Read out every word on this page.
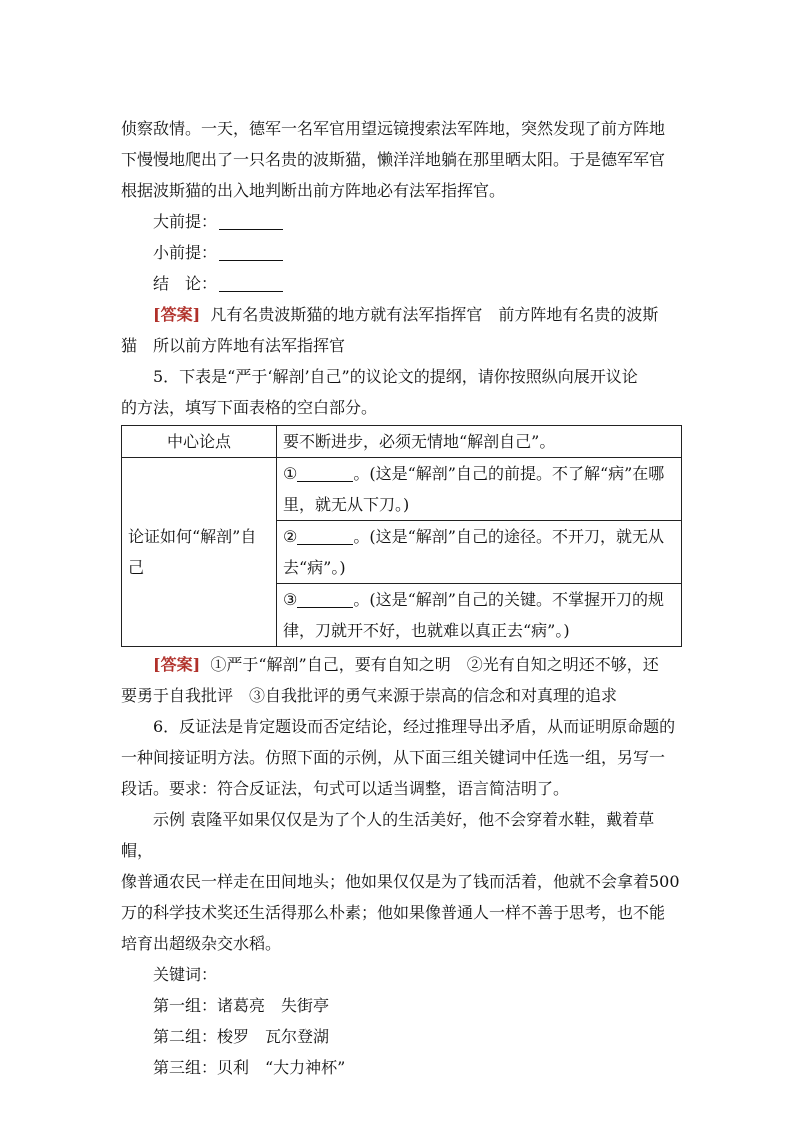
侦察敌情。一天，德军一名军官用望远镜搜索法军阵地，突然发现了前方阵地

下慢慢地爬出了一只名贵的波斯猫，懒洋洋地躺在那里晒太阳。于是德军军官

根据波斯猫的出入地判断出前方阵地必有法军指挥官。

大前提：

小前提：

结　论：

[答案] 凡有名贵波斯猫的地方就有法军指挥官　前方阵地有名贵的波斯

猫　所以前方阵地有法军指挥官

5．下表是“严于‘解剖’自己”的议论文的提纲，请你按照纵向展开议论

的方法，填写下面表格的空白部分。

中心论点	要不断进步，必须无情地“解剖自己”。
论证如何“解剖”自己	① 。(这是“解剖”自己的前提。不了解“病”在哪里，就无从下刀。)
	② 。(这是“解剖”自己的途径。不开刀，就无从去“病”。)
	③ 。(这是“解剖”自己的关键。不掌握开刀的规律，刀就开不好，也就难以真正去“病”。)

[答案] ①严于“解剖”自己，要有自知之明　②光有自知之明还不够，还

要勇于自我批评　③自我批评的勇气来源于崇高的信念和对真理的追求

6．反证法是肯定题设而否定结论，经过推理导出矛盾，从而证明原命题的

一种间接证明方法。仿照下面的示例，从下面三组关键词中任选一组，另写一

段话。要求：符合反证法，句式可以适当调整，语言简洁明了。

示例 袁隆平如果仅仅是为了个人的生活美好，他不会穿着水鞋，戴着草帽，

像普通农民一样走在田间地头；他如果仅仅是为了钱而活着，他就不会拿着500

万的科学技术奖还生活得那么朴素；他如果像普通人一样不善于思考，也不能

培育出超级杂交水稻。

关键词：

第一组：诸葛亮　失街亭

第二组：梭罗　瓦尔登湖

第三组：贝利　“大力神杯”
